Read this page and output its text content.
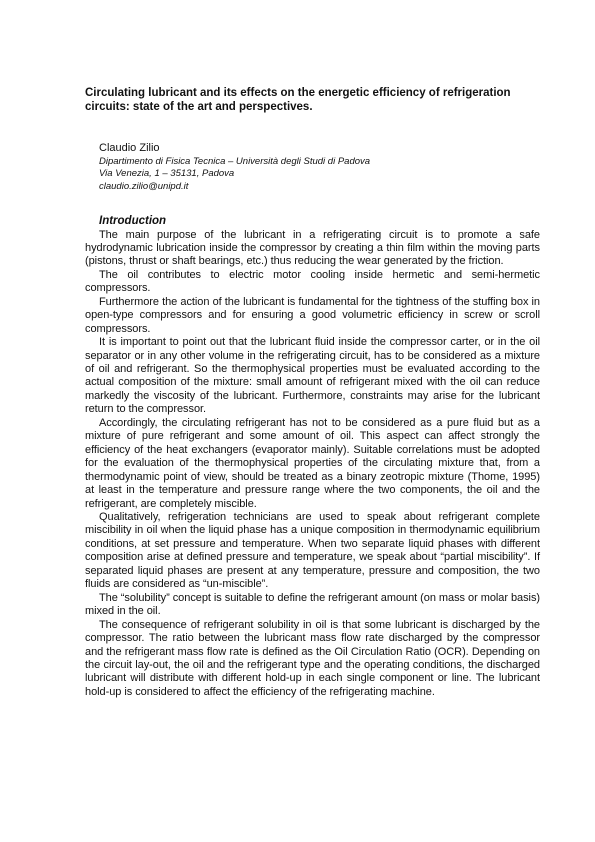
Circulating lubricant and its effects on the energetic efficiency of refrigeration circuits: state of the art and perspectives.

Claudio Zilio

Dipartimento di Fisica Tecnica – Università degli Studi di Padova

Via Venezia, 1 – 35131, Padova

claudio.zilio@unipd.it

Introduction

The main purpose of the lubricant in a refrigerating circuit is to promote a safe hydrodynamic lubrication inside the compressor by creating a thin film within the moving parts (pistons, thrust or shaft bearings, etc.) thus reducing the wear generated by the friction.

The oil contributes to electric motor cooling inside hermetic and semi-hermetic compressors.

Furthermore the action of the lubricant is fundamental for the tightness of the stuffing box in open-type compressors and for ensuring a good volumetric efficiency in screw or scroll compressors.

It is important to point out that the lubricant fluid inside the compressor carter, or in the oil separator or in any other volume in the refrigerating circuit, has to be considered as a mixture of oil and refrigerant. So the thermophysical properties must be evaluated according to the actual composition of the mixture: small amount of refrigerant mixed with the oil can reduce markedly the viscosity of the lubricant. Furthermore, constraints may arise for the lubricant return to the compressor.

Accordingly, the circulating refrigerant has not to be considered as a pure fluid but as a mixture of pure refrigerant and some amount of oil. This aspect can affect strongly the efficiency of the heat exchangers (evaporator mainly). Suitable correlations must be adopted for the evaluation of the thermophysical properties of the circulating mixture that, from a thermodynamic point of view, should be treated as a binary zeotropic mixture (Thome, 1995) at least in the temperature and pressure range where the two components, the oil and the refrigerant, are completely miscible.

Qualitatively, refrigeration technicians are used to speak about refrigerant complete miscibility in oil when the liquid phase has a unique composition in thermodynamic equilibrium conditions, at set pressure and temperature. When two separate liquid phases with different composition arise at defined pressure and temperature, we speak about “partial miscibility”. If separated liquid phases are present at any temperature, pressure and composition, the two fluids are considered as “un-miscible”.

The “solubility” concept is suitable to define the refrigerant amount (on mass or molar basis) mixed in the oil.

The consequence of refrigerant solubility in oil is that some lubricant is discharged by the compressor. The ratio between the lubricant mass flow rate discharged by the compressor and the refrigerant mass flow rate is defined as the Oil Circulation Ratio (OCR). Depending on the circuit lay-out, the oil and the refrigerant type and the operating conditions, the discharged lubricant will distribute with different hold-up in each single component or line. The lubricant hold-up is considered to affect the efficiency of the refrigerating machine.
